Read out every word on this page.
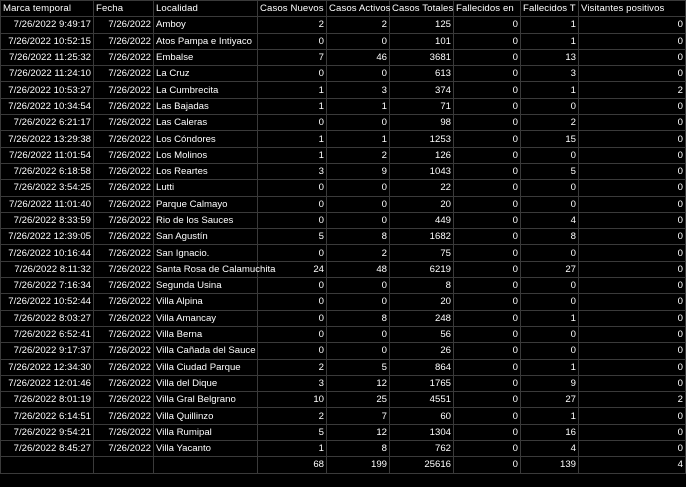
Marca temporal	Fecha	Localidad	Casos Nuevos	Casos Activos	Casos Totales	Fallecidos en	Fallecidos T	Visitantes positivos
7/26/2022 9:49:17	7/26/2022	Amboy	2	2	125	0	1	0
7/26/2022 10:52:15	7/26/2022	Atos Pampa e Intiyaco	0	0	101	0	1	0
7/26/2022 11:25:32	7/26/2022	Embalse	7	46	3681	0	13	0
7/26/2022 11:24:10	7/26/2022	La Cruz	0	0	613	0	3	0
7/26/2022 10:53:27	7/26/2022	La Cumbrecita	1	3	374	0	1	2
7/26/2022 10:34:54	7/26/2022	Las Bajadas	1	1	71	0	0	0
7/26/2022 6:21:17	7/26/2022	Las Caleras	0	0	98	0	2	0
7/26/2022 13:29:38	7/26/2022	Los Cóndores	1	1	1253	0	15	0
7/26/2022 11:01:54	7/26/2022	Los Molinos	1	2	126	0	0	0
7/26/2022 6:18:58	7/26/2022	Los Reartes	3	9	1043	0	5	0
7/26/2022 3:54:25	7/26/2022	Lutti	0	0	22	0	0	0
7/26/2022 11:01:40	7/26/2022	Parque Calmayo	0	0	20	0	0	0
7/26/2022 8:33:59	7/26/2022	Rio de los Sauces	0	0	449	0	4	0
7/26/2022 12:39:05	7/26/2022	San Agustín	5	8	1682	0	8	0
7/26/2022 10:16:44	7/26/2022	San Ignacio.	0	2	75	0	0	0
7/26/2022 8:11:32	7/26/2022	Santa Rosa de Calamuchita	24	48	6219	0	27	0
7/26/2022 7:16:34	7/26/2022	Segunda Usina	0	0	8	0	0	0
7/26/2022 10:52:44	7/26/2022	Villa Alpina	0	0	20	0	0	0
7/26/2022 8:03:27	7/26/2022	Villa Amancay	0	8	248	0	1	0
7/26/2022 6:52:41	7/26/2022	Villa Berna	0	0	56	0	0	0
7/26/2022 9:17:37	7/26/2022	Villa Cañada del Sauce	0	0	26	0	0	0
7/26/2022 12:34:30	7/26/2022	Villa Ciudad Parque	2	5	864	0	1	0
7/26/2022 12:01:46	7/26/2022	Villa del Dique	3	12	1765	0	9	0
7/26/2022 8:01:19	7/26/2022	Villa Gral Belgrano	10	25	4551	0	27	2
7/26/2022 6:14:51	7/26/2022	Villa Quillinzo	2	7	60	0	1	0
7/26/2022 9:54:21	7/26/2022	Villa Rumipal	5	12	1304	0	16	0
7/26/2022 8:45:27	7/26/2022	Villa Yacanto	1	8	762	0	4	0
			68	199	25616	0	139	4
